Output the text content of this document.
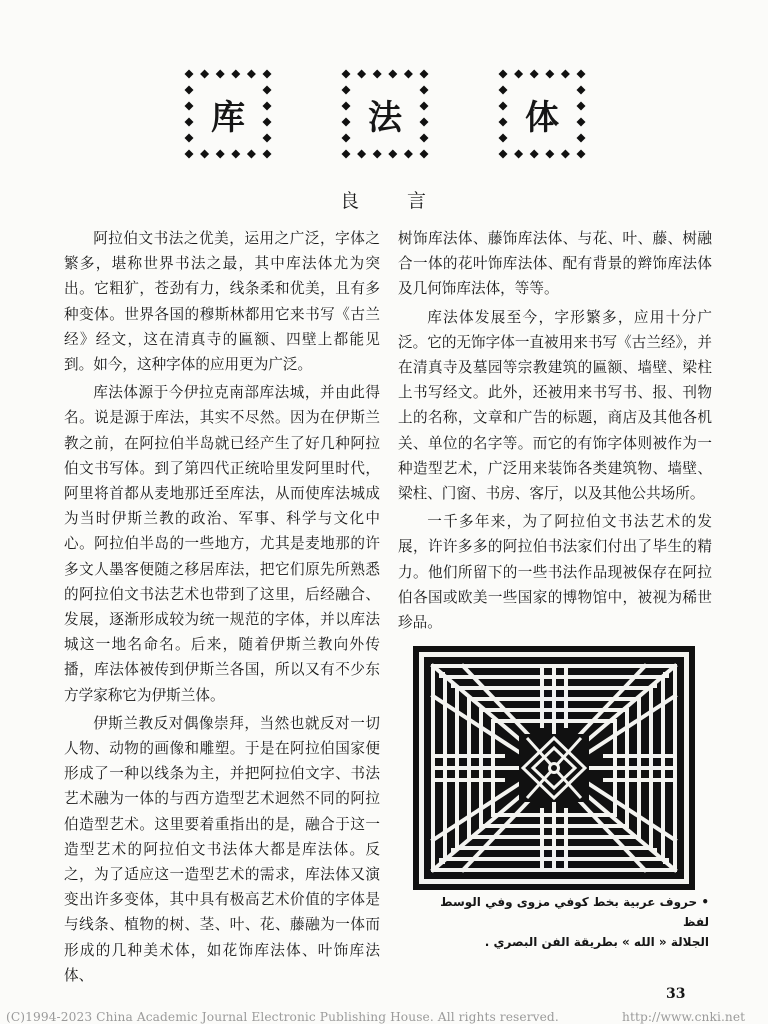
库	法	体
良言

阿拉伯文书法之优美，运用之广泛，字体之繁多，堪称世界书法之最，其中库法体尤为突出。它粗犷，苍劲有力，线条柔和优美，且有多种变体。世界各国的穆斯林都用它来书写《古兰经》经文，这在清真寺的匾额、四壁上都能见到。如今，这种字体的应用更为广泛。

库法体源于今伊拉克南部库法城，并由此得名。说是源于库法，其实不尽然。因为在伊斯兰教之前，在阿拉伯半岛就已经产生了好几种阿拉伯文书写体。到了第四代正统哈里发阿里时代，阿里将首都从麦地那迁至库法，从而使库法城成为当时伊斯兰教的政治、军事、科学与文化中心。阿拉伯半岛的一些地方，尤其是麦地那的许多文人墨客便随之移居库法，把它们原先所熟悉的阿拉伯文书法艺术也带到了这里，后经融合、发展，逐渐形成较为统一规范的字体，并以库法城这一地名命名。后来，随着伊斯兰教向外传播，库法体被传到伊斯兰各国，所以又有不少东方学家称它为伊斯兰体。

伊斯兰教反对偶像崇拜，当然也就反对一切人物、动物的画像和雕塑。于是在阿拉伯国家便形成了一种以线条为主，并把阿拉伯文字、书法艺术融为一体的与西方造型艺术迥然不同的阿拉伯造型艺术。这里要着重指出的是，融合于这一造型艺术的阿拉伯文书法体大都是库法体。反之，为了适应这一造型艺术的需求，库法体又演变出许多变体，其中具有极高艺术价值的字体是与线条、植物的树、茎、叶、花、藤融为一体而形成的几种美术体，如花饰库法体、叶饰库法体、

树饰库法体、藤饰库法体、与花、叶、藤、树融合一体的花叶饰库法体、配有背景的辫饰库法体及几何饰库法体，等等。

库法体发展至今，字形繁多，应用十分广泛。它的无饰字体一直被用来书写《古兰经》，并在清真寺及墓园等宗教建筑的匾额、墙壁、梁柱上书写经文。此外，还被用来书写书、报、刊物上的名称，文章和广告的标题，商店及其他各机关、单位的名字等。而它的有饰字体则被作为一种造型艺术，广泛用来装饰各类建筑物、墙壁、梁柱、门窗、书房、客厅，以及其他公共场所。

一千多年来，为了阿拉伯文书法艺术的发展，许许多多的阿拉伯书法家们付出了毕生的精力。他们所留下的一些书法作品现被保存在阿拉伯各国或欧美一些国家的博物馆中，被视为稀世珍品。

• حروف عربية بخط كوفي مزوى وفي الوسط لفظ
الجلالة « الله » بطريقة الفن البصري .
33
(C)1994-2023 China Academic Journal Electronic Publishing House. All rights reserved.	http://www.cnki.net
